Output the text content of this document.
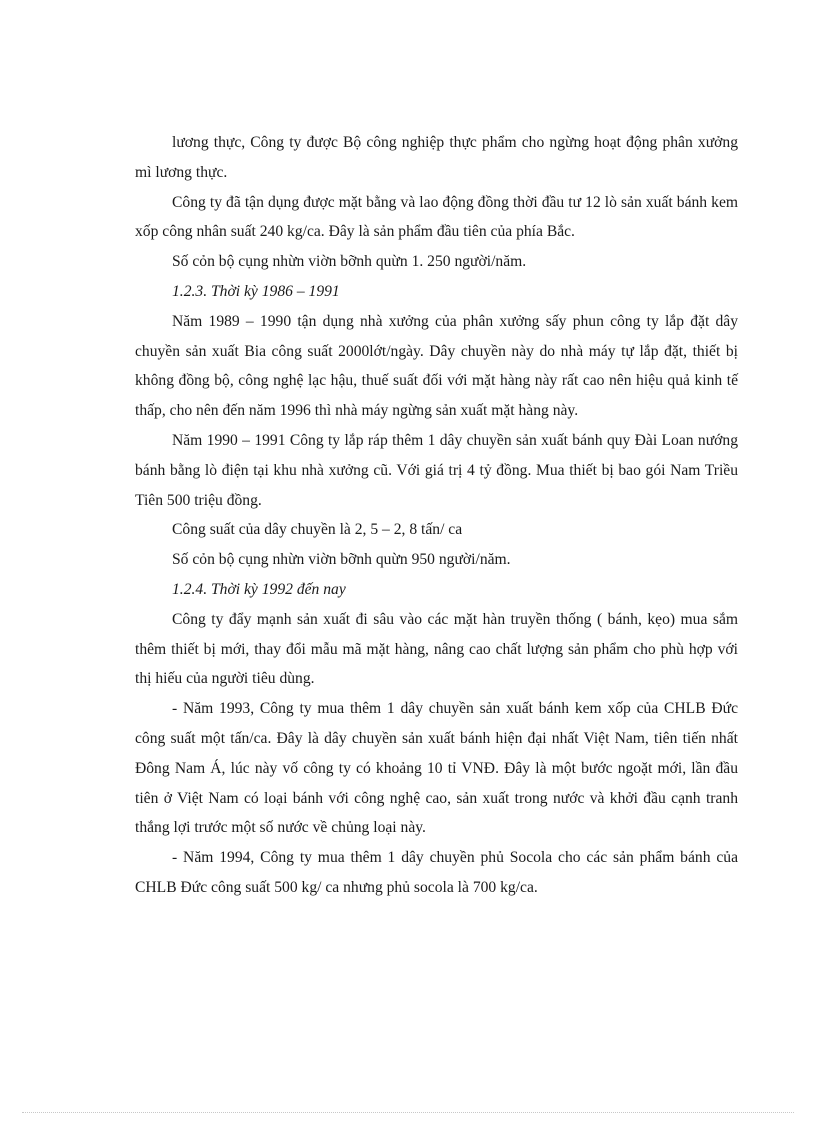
lương thực, Công ty được Bộ công nghiệp thực phẩm cho ngừng hoạt động phân xưởng mì lương thực.

Công ty đã tận dụng được mặt bằng và lao động đồng thời đầu tư 12 lò sản xuất bánh kem xốp công nhân suất 240 kg/ca. Đây là sản phẩm đầu tiên của phía Bắc.

Số cỏn bộ cụng nhừn viờn bỡnh quừn 1. 250 người/năm.

1.2.3. Thời kỳ 1986 – 1991

Năm 1989 – 1990 tận dụng nhà xưởng của phân xưởng sấy phun công ty lắp đặt dây chuyền sản xuất Bia công suất 2000lớt/ngày. Dây chuyền này do nhà máy tự lắp đặt, thiết bị không đồng bộ, công nghệ lạc hậu, thuế suất đối với mặt hàng này rất cao nên hiệu quả kinh tế thấp, cho nên đến năm 1996 thì nhà máy ngừng sản xuất mặt hàng này.

Năm 1990 – 1991 Công ty lắp ráp thêm 1 dây chuyền sản xuất bánh quy Đài Loan nướng bánh bằng lò điện tại khu nhà xưởng cũ. Với giá trị 4 tỷ đồng. Mua thiết bị bao gói Nam Triều Tiên 500 triệu đồng.

Công suất của dây chuyền là 2, 5 – 2, 8 tấn/ ca

Số cỏn bộ cụng nhừn viờn bỡnh quừn 950 người/năm.

1.2.4. Thời kỳ 1992 đến nay

Công ty đẩy mạnh sản xuất đi sâu vào các mặt hàn truyền thống ( bánh, kẹo) mua sắm thêm thiết bị mới, thay đổi mẫu mã mặt hàng, nâng cao chất lượng sản phẩm cho phù hợp với thị hiếu của người tiêu dùng.

- Năm 1993, Công ty mua thêm 1 dây chuyền sản xuất bánh kem xốp của CHLB Đức công suất một tấn/ca. Đây là dây chuyền sản xuất bánh hiện đại nhất Việt Nam, tiên tiến nhất Đông Nam Á, lúc này vố công ty có khoảng 10 tỉ VNĐ. Đây là một bước ngoặt mới, lần đầu tiên ở Việt Nam có loại bánh với công nghệ cao, sản xuất trong nước và khởi đầu cạnh tranh thắng lợi trước một số nước về chủng loại này.

- Năm 1994, Công ty mua thêm 1 dây chuyền phủ Socola cho các sản phẩm bánh của CHLB Đức công suất 500 kg/ ca nhưng phủ socola là 700 kg/ca.
